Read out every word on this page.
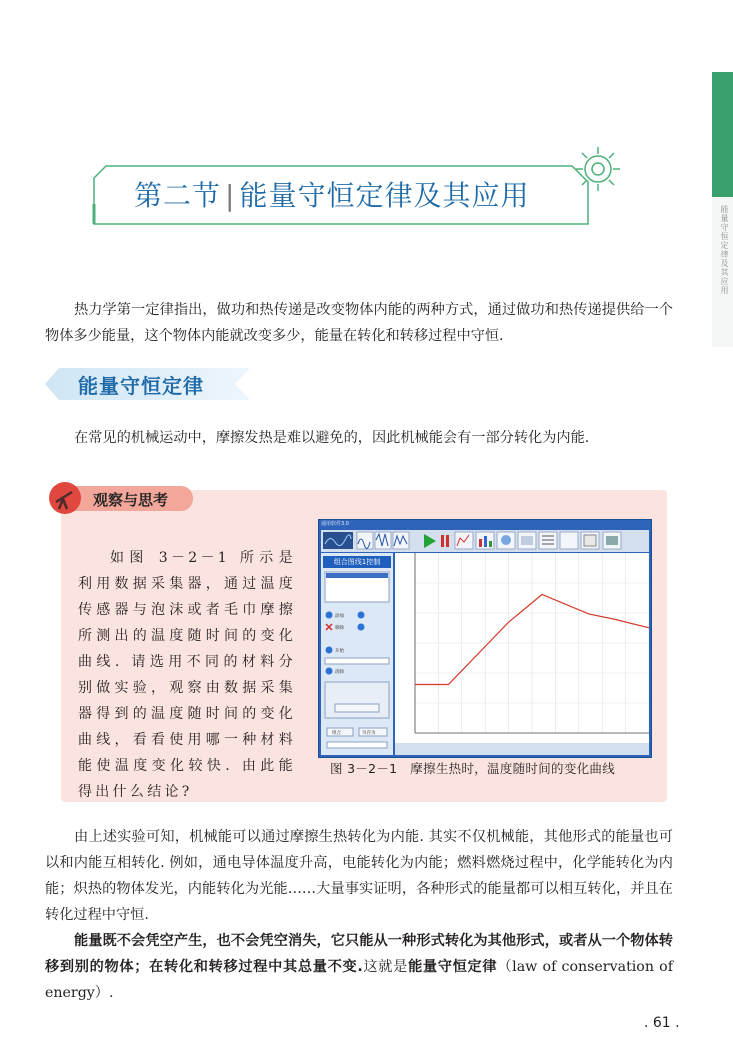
能量守恒定律及其应用
第二节 | 能量守恒定律及其应用

热力学第一定律指出，做功和热传递是改变物体内能的两种方式，通过做功和热传递提供给一个物体多少能量，这个物体内能就改变多少，能量在转化和转移过程中守恒.

能量守恒定律

在常见的机械运动中，摩擦发热是难以避免的，因此机械能会有一部分转化为内能.

观察与思考

如图 3－2－1 所示是利用数据采集器，通过温度传感器与泡沫或者毛巾摩擦所测出的温度随时间的变化曲线. 请选用不同的材料分别做实验，观察由数据采集器得到的温度随时间的变化曲线，看看使用哪一种材料能使温度变化较快. 由此能得出什么结论?

通用软件3.0
组合图线1控制
添加
移除
开始
清除
组合	另存为
图 3－2－1　摩擦生热时，温度随时间的变化曲线

由上述实验可知，机械能可以通过摩擦生热转化为内能. 其实不仅机械能，其他形式的能量也可以和内能互相转化. 例如，通电导体温度升高，电能转化为内能；燃料燃烧过程中，化学能转化为内能；炽热的物体发光，内能转化为光能……大量事实证明，各种形式的能量都可以相互转化，并且在转化过程中守恒.

能量既不会凭空产生，也不会凭空消失，它只能从一种形式转化为其他形式，或者从一个物体转移到别的物体；在转化和转移过程中其总量不变.这就是能量守恒定律（law of conservation of energy）.

. 61 .
